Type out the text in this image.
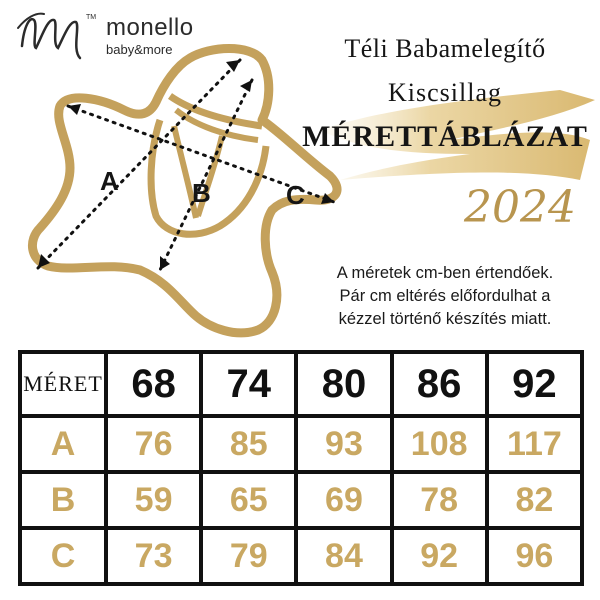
TM monello
baby&more	Téli Babamelegítő
Kiscsillag
MÉRETTÁBLÁZAT
2024
A	B	C
A méretek cm-ben értendőek.
Pár cm eltérés előfordulhat a
kézzel történő készítés miatt.
MÉRET	68	74	80	86	92
A	76	85	93	108	117
B	59	65	69	78	82
C	73	79	84	92	96
